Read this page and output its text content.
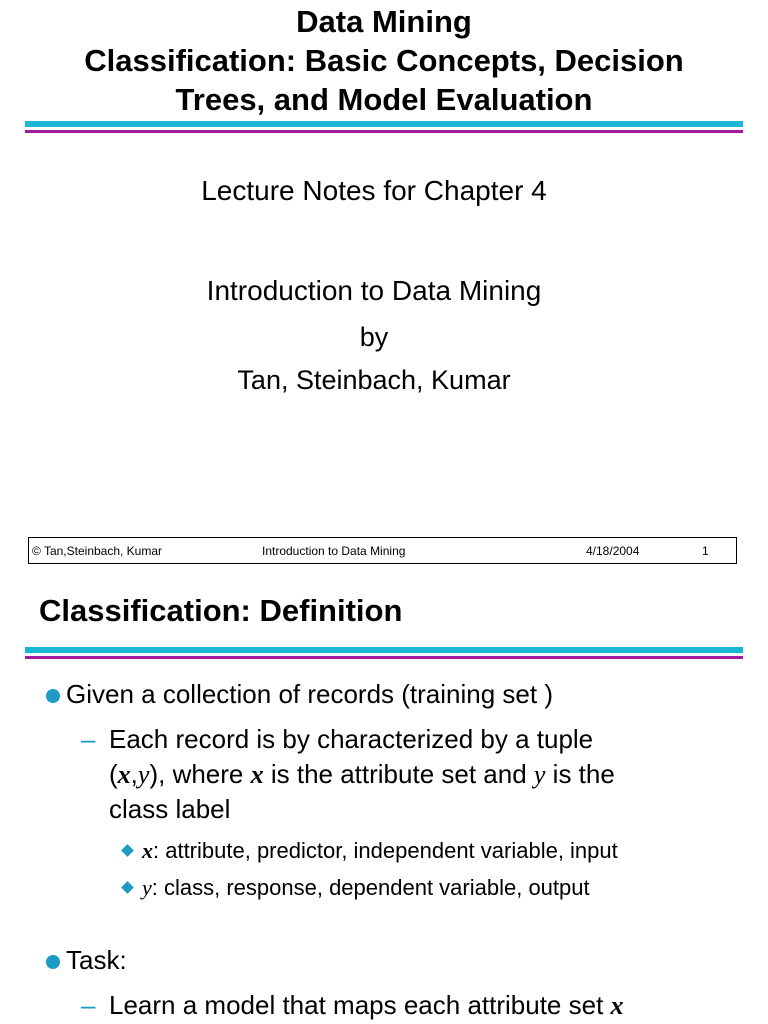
Data Mining
Classification: Basic Concepts, Decision
Trees, and Model Evaluation
Lecture Notes for Chapter 4
Introduction to Data Mining
by
Tan, Steinbach, Kumar
© Tan,Steinbach, Kumar	Introduction to Data Mining	4/18/2004	1
Classification: Definition
Given a collection of records (training set )
– Each record is by characterized by a tuple
(x,y), where x is the attribute set and y is the
class label
x: attribute, predictor, independent variable, input
y: class, response, dependent variable, output
Task:
– Learn a model that maps each attribute set x
